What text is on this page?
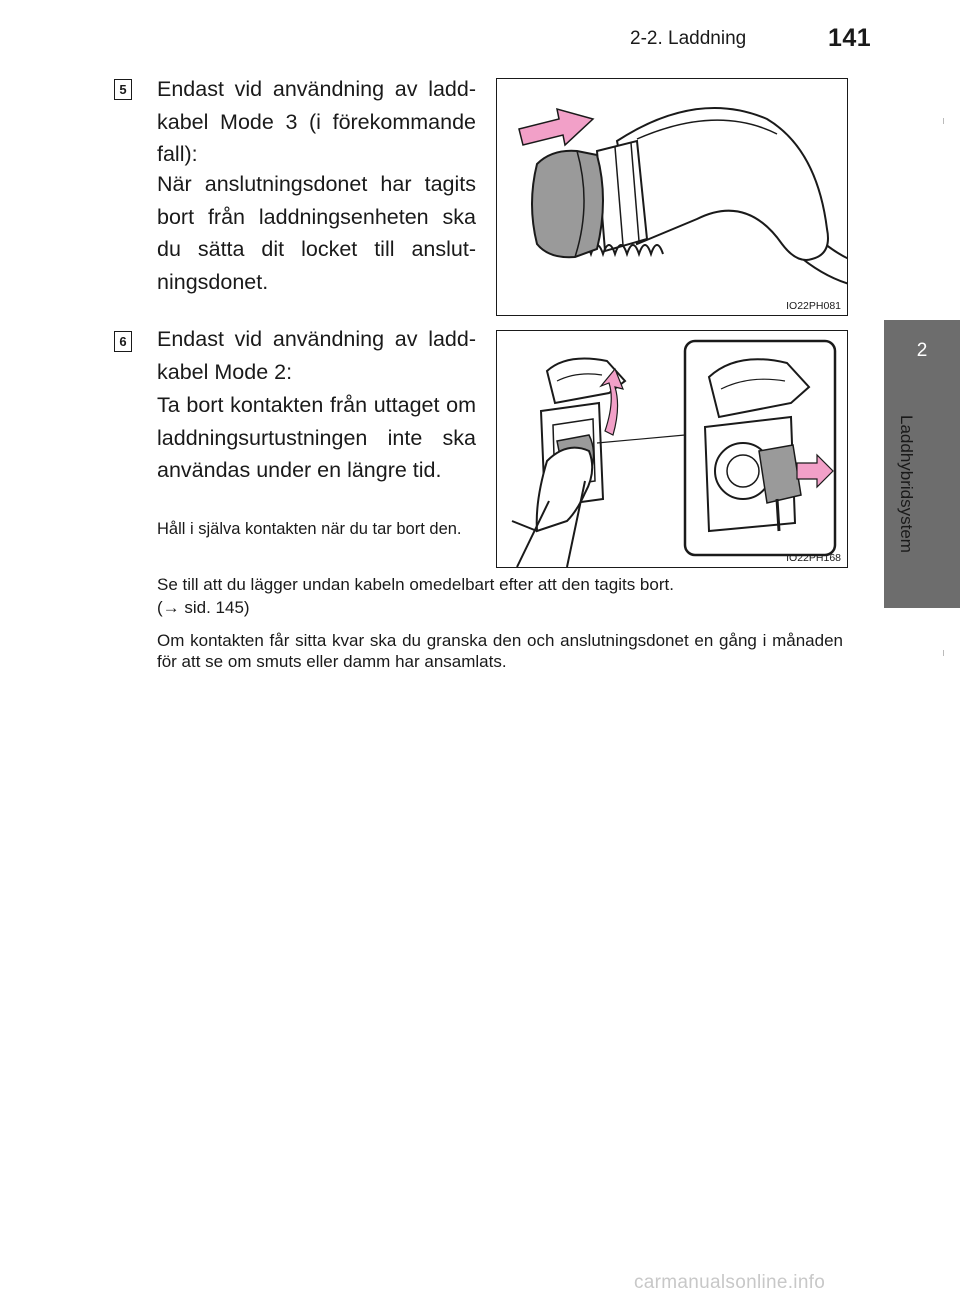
2-2. Laddning	141
2
Laddhybridsystem
5 Endast vid användning av ladd-kabel Mode 3 (i förekommande fall):
När anslutningsdonet har tagits bort från laddningsenheten ska du sätta dit locket till anslut-ningsdonet.
IO22PH081
6 Endast vid användning av ladd-kabel Mode 2:
Ta bort kontakten från uttaget om laddningsurtustningen inte ska användas under en längre tid.
Håll i själva kontakten när du tar bort den.
IO22PH168
Se till att du lägger undan kabeln omedelbart efter att den tagits bort.
(→ sid. 145)
Om kontakten får sitta kvar ska du granska den och anslutningsdonet en gång i månaden för att se om smuts eller damm har ansamlats.
carmanualsonline.info
